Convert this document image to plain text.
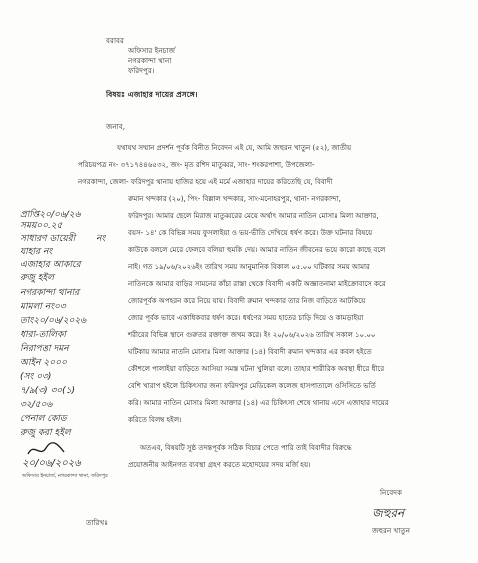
বরাবর
অফিসার ইনচার্জ
নগরকান্দা থানা
ফরিদপুর।
বিষয়ঃ এজাহার দায়ের প্রসঙ্গে।
জনাব,
যথাযথ সম্মান প্রদর্শন পূর্বক বিনীত নিবেদন এই যে, আমি জহুরন খাতুন (৫২), জাতীয়
পরিচয়পত্র নং- ৩৭১৭৪৪৬৫৩২, জং- মৃত রশিদ মাতুব্বর, সাং- শংকরপাশা, উপজেলা-
নগরকান্দা, জেলা- ফরিদপুর থানায় হাজির হয়ে এই মর্মে এজাহার দায়ের করিতেছি যে, বিবাদী
রুমান খন্দকার (২০), পিং- বিল্লাল খন্দকার, সাং-মনোহরপুর, থানা- নগরকান্দা,
ফরিদপুর। আমার ছেলে মিরাজ মাতুব্বরের মেয়ে অর্থাৎ আমার নাতিন মোসাঃ মিলা আক্তার,
বয়স- ১৪' কে বিভিন্ন সময় ফুসলাইয়া ও ভয়-ভীতি দেখিয়ে ধর্ষণ করে। উক্ত ঘটনার বিষয়ে
কাউকে বললে মেরে ফেলবে বলিয়া হুমকি দেয়। আমার নাতিন জীবনের ভয়ে কারো কাছে বলে
নাই। গত ১৯/০৬/২০২৬ইং তারিখ সময় আনুমানিক বিকাল ০৫.০০ ঘটিকার সময় আমার
নাতিনকে আমার বাড়ির সামনের কাঁচা রাস্তা থেকে বিবাদী একটি অজ্ঞাতনামা মাইক্রোবাসে করে
জোরপূর্বক অপহরন করে নিয়ে যায়। বিবাদী রুমান খন্দকার তার নিজ বাড়িতে আটকিয়ে
জোর পূর্বক ভাবে একাধিকবার ধর্ষণ করে। ধর্ষণের সময় হাতের চাড়ি দিয়ে ও কামড়াইয়া
শরীরের বিভিন্ন স্থানে গুরুতর রক্তাক্ত জখম করে। ইং ২০/০৬/২০২৬ তারিখ সকাল ১০.০০
ঘটিকায় আমার নাতনি মোসাঃ মিলা আক্তার (১৪) বিবাদী রুমান খন্দকার এর কবল হইতে
কৌশলে পালাইয়া বাড়িতে আসিয়া সমস্ত ঘটনা খুলিয়া বলে। তাহার শারীরিক অবস্থা ধীরে ধীরে
বেশি খারাপ হইলে চিকিৎসার জন্য ফরিদপুর মেডিকেল কলেজ হাসপাতালে ওসিসিতে ভর্তি
করি। আমার নাতিন মোসাঃ মিলা আক্তার (১৪) এর চিকিৎসা শেষে থানায় এসে এজাহার দায়ের
করিতে বিলম্ব হইল।
অতএব, বিষয়টি সুষ্ঠ তদন্তপূর্বক সঠিক বিচার পেতে পারি তাই বিবাদীর বিরুদ্ধে
প্রয়োজনীয় আইনগত ব্যবস্থা গ্রহণ করতে মহোদয়ের সদয় মর্জি হয়।
নিবেদক
জহুরন
জহুরন খাতুন
তারিখঃ
প্রাপ্তি২০/০৬/২৬
সময়০০.২৫
সাধারণ ডায়েরী নং
যাহার নং
এজাহার আকারে
রুজু হইল
নগরকান্দা থানার
মামলা নং০৩
তাং২০/০৬/২০২৬
ধারা-তালিকা
নিরাপত্তা দমন
আইন ২০০০
(সং ০৩)
৭/৯(৩) ৩০(১)
৩২/৫০৬
পেনাল কোড
রুজু করা হইল
২০/০৬/২০২৬
অফিসার ইনচার্জ, নগরকান্দা থানা, ফরিদপুর
